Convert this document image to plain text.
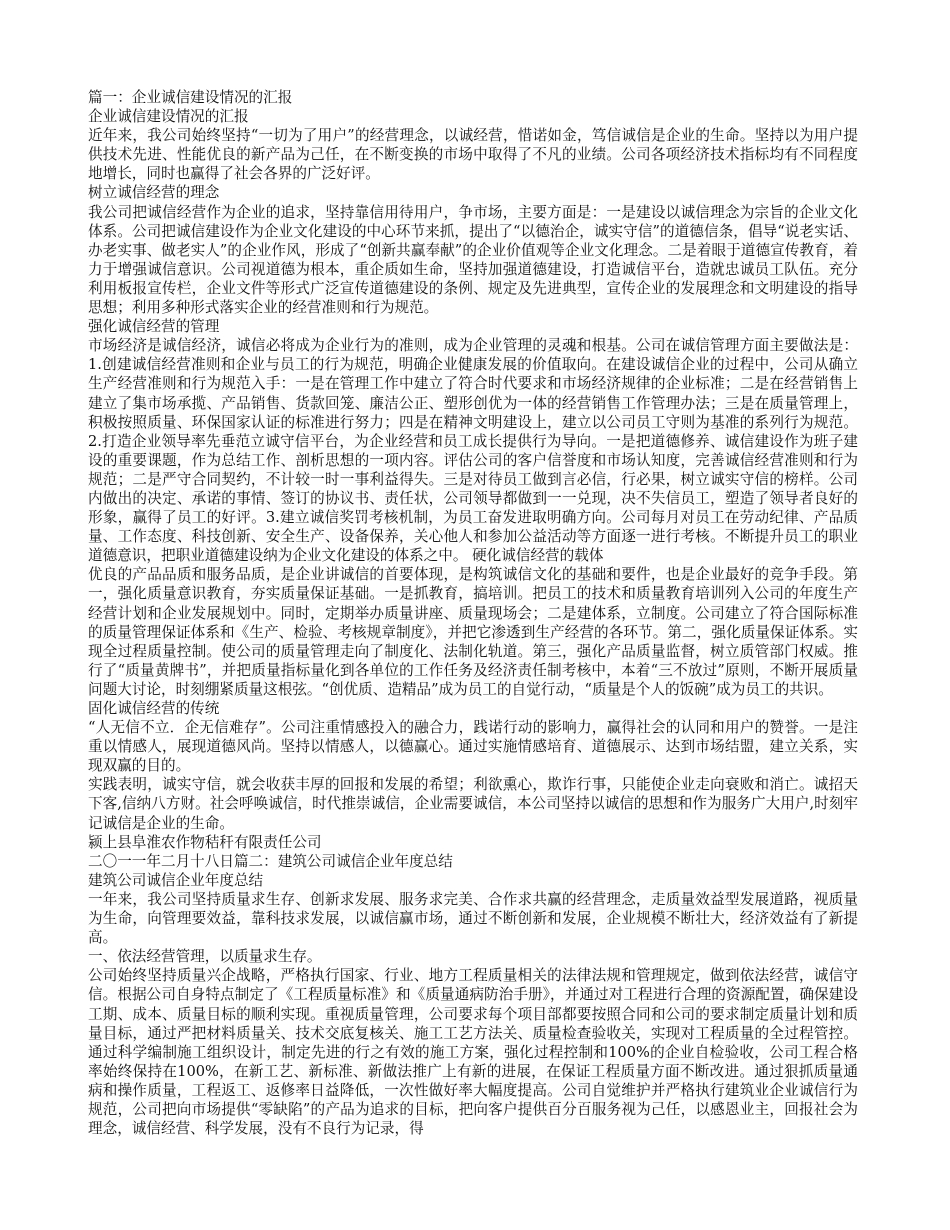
篇一：企业诚信建设情况的汇报

企业诚信建设情况的汇报

近年来，我公司始终坚持“一切为了用户”的经营理念，以诚经营，惜诺如金，笃信诚信是企业的生命。坚持以为用户提供技术先进、性能优良的新产品为己任，在不断变换的市场中取得了不凡的业绩。公司各项经济技术指标均有不同程度地增长，同时也赢得了社会各界的广泛好评。

树立诚信经营的理念

我公司把诚信经营作为企业的追求，坚持靠信用待用户，争市场，主要方面是：一是建设以诚信理念为宗旨的企业文化体系。公司把诚信建设作为企业文化建设的中心环节来抓，提出了“以德治企，诚实守信”的道德信条，倡导“说老实话、办老实事、做老实人”的企业作风，形成了“创新共赢奉献”的企业价值观等企业文化理念。二是着眼于道德宣传教育，着力于增强诚信意识。公司视道德为根本，重企质如生命，坚持加强道德建设，打造诚信平台，造就忠诚员工队伍。充分利用板报宣传栏，企业文件等形式广泛宣传道德建设的条例、规定及先进典型，宣传企业的发展理念和文明建设的指导思想；利用多种形式落实企业的经营准则和行为规范。

强化诚信经营的管理

市场经济是诚信经济，诚信必将成为企业行为的准则，成为企业管理的灵魂和根基。公司在诚信管理方面主要做法是：1.创建诚信经营准则和企业与员工的行为规范，明确企业健康发展的价值取向。在建设诚信企业的过程中，公司从确立生产经营准则和行为规范入手：一是在管理工作中建立了符合时代要求和市场经济规律的企业标准；二是在经营销售上建立了集市场承揽、产品销售、货款回笼、廉洁公正、塑形创优为一体的经营销售工作管理办法；三是在质量管理上，积极按照质量、环保国家认证的标准进行努力；四是在精神文明建设上，建立以公司员工守则为基准的系列行为规范。2.打造企业领导率先垂范立诚守信平台，为企业经营和员工成长提供行为导向。一是把道德修养、诚信建设作为班子建设的重要课题，作为总结工作、剖析思想的一项内容。评估公司的客户信誉度和市场认知度，完善诚信经营准则和行为规范；二是严守合同契约，不计较一时一事利益得失。三是对待员工做到言必信，行必果，树立诚实守信的榜样。公司内做出的决定、承诺的事情、签订的协议书、责任状，公司领导都做到一一兑现，决不失信员工，塑造了领导者良好的形象，赢得了员工的好评。3.建立诚信奖罚考核机制，为员工奋发进取明确方向。公司每月对员工在劳动纪律、产品质量、工作态度、科技创新、安全生产、设备保养，关心他人和参加公益活动等方面逐一进行考核。不断提升员工的职业道德意识，把职业道德建设纳为企业文化建设的体系之中。 硬化诚信经营的载体

优良的产品品质和服务品质，是企业讲诚信的首要体现，是构筑诚信文化的基础和要件，也是企业最好的竞争手段。第一，强化质量意识教育，夯实质量保证基础。一是抓教育，搞培训。把员工的技术和质量教育培训列入公司的年度生产经营计划和企业发展规划中。同时，定期举办质量讲座、质量现场会；二是建体系，立制度。公司建立了符合国际标准的质量管理保证体系和《生产、检验、考核规章制度》，并把它渗透到生产经营的各环节。第二，强化质量保证体系。实现全过程质量控制。使公司的质量管理走向了制度化、法制化轨道。第三，强化产品质量监督，树立质管部门权威。推行了“质量黄牌书”，并把质量指标量化到各单位的工作任务及经济责任制考核中，本着“三不放过”原则，不断开展质量问题大讨论，时刻绷紧质量这根弦。“创优质、造精品”成为员工的自觉行动，“质量是个人的饭碗”成为员工的共识。

固化诚信经营的传统

“人无信不立．企无信难存”。公司注重情感投入的融合力，践诺行动的影响力，赢得社会的认同和用户的赞誉。一是注重以情感人，展现道德风尚。坚持以情感人，以德赢心。通过实施情感培育、道德展示、达到市场结盟，建立关系，实现双赢的目的。

实践表明，诚实守信，就会收获丰厚的回报和发展的希望；利欲熏心，欺诈行事，只能使企业走向衰败和消亡。诚招天下客,信纳八方财。社会呼唤诚信，时代推崇诚信，企业需要诚信，本公司坚持以诚信的思想和作为服务广大用户,时刻牢记诚信是企业的生命。

颍上县阜淮农作物秸秆有限责任公司

二〇一一年二月十八日篇二：建筑公司诚信企业年度总结

建筑公司诚信企业年度总结

一年来，我公司坚持质量求生存、创新求发展、服务求完美、合作求共赢的经营理念，走质量效益型发展道路，视质量为生命，向管理要效益，靠科技求发展，以诚信赢市场，通过不断创新和发展，企业规模不断壮大，经济效益有了新提高。

一、依法经营管理，以质量求生存。

公司始终坚持质量兴企战略，严格执行国家、行业、地方工程质量相关的法律法规和管理规定，做到依法经营，诚信守信。根据公司自身特点制定了《工程质量标准》和《质量通病防治手册》，并通过对工程进行合理的资源配置，确保建设工期、成本、质量目标的顺利实现。重视质量管理，公司要求每个项目部都要按照合同和公司的要求制定质量计划和质量目标，通过严把材料质量关、技术交底复核关、施工工艺方法关、质量检查验收关，实现对工程质量的全过程管控。通过科学编制施工组织设计，制定先进的行之有效的施工方案，强化过程控制和100%的企业自检验收，公司工程合格率始终保持在100%，在新工艺、新标准、新做法推广上有新的进展，在保证工程质量方面不断改进。通过狠抓质量通病和操作质量，工程返工、返修率日益降低，一次性做好率大幅度提高。公司自觉维护并严格执行建筑业企业诚信行为规范，公司把向市场提供“零缺陷”的产品为追求的目标，把向客户提供百分百服务视为己任，以感恩业主，回报社会为理念，诚信经营、科学发展，没有不良行为记录，得
